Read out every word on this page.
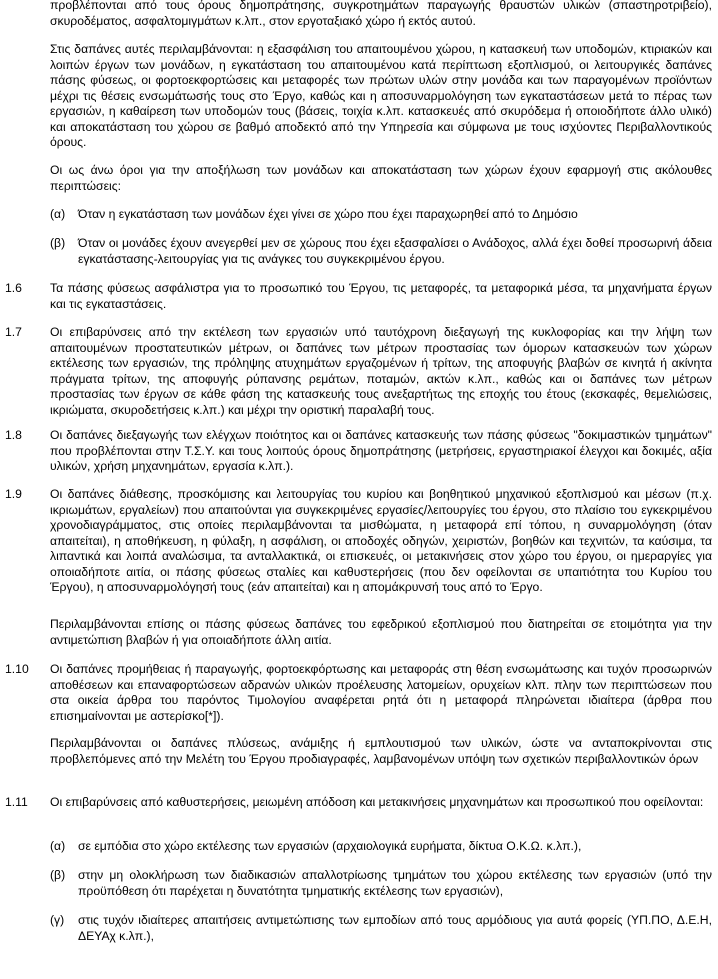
προβλέπονται από τους όρους δημοπράτησης, συγκροτημάτων παραγωγής θραυστών υλικών (σπαστηροτριβείο), σκυροδέματος, ασφαλτομιγμάτων κ.λπ., στον εργοταξιακό χώρο ή εκτός αυτού.

Στις δαπάνες αυτές περιλαμβάνονται: η εξασφάλιση του απαιτουμένου χώρου, η κατασκευή των υποδομών, κτιριακών και λοιπών έργων των μονάδων, η εγκατάσταση του απαιτουμένου κατά περίπτωση εξοπλισμού, οι λειτουργικές δαπάνες πάσης φύσεως, οι φορτοεκφορτώσεις και μεταφορές των πρώτων υλών στην μονάδα και των παραγομένων προϊόντων μέχρι τις θέσεις ενσωμάτωσής τους στο Έργο, καθώς και η αποσυναρμολόγηση των εγκαταστάσεων μετά το πέρας των εργασιών, η καθαίρεση των υποδομών τους (βάσεις, τοιχία κ.λπ. κατασκευές από σκυρόδεμα ή οποιοδήποτε άλλο υλικό) και αποκατάσταση του χώρου σε βαθμό αποδεκτό από την Υπηρεσία και σύμφωνα με τους ισχύοντες Περιβαλλοντικούς όρους.

Οι ως άνω όροι για την αποξήλωση των μονάδων και αποκατάσταση των χώρων έχουν εφαρμογή στις ακόλουθες περιπτώσεις:

(α) Όταν η εγκατάσταση των μονάδων έχει γίνει σε χώρο που έχει παραχωρηθεί από το Δημόσιο

(β) Όταν οι μονάδες έχουν ανεγερθεί μεν σε χώρους που έχει εξασφαλίσει ο Ανάδοχος, αλλά έχει δοθεί προσωρινή άδεια εγκατάστασης-λειτουργίας για τις ανάγκες του συγκεκριμένου έργου.

1.6 Τα πάσης φύσεως ασφάλιστρα για το προσωπικό του Έργου, τις μεταφορές, τα μεταφορικά μέσα, τα μηχανήματα έργων και τις εγκαταστάσεις.

1.7 Οι επιβαρύνσεις από την εκτέλεση των εργασιών υπό ταυτόχρονη διεξαγωγή της κυκλοφορίας και την λήψη των απαιτουμένων προστατευτικών μέτρων, οι δαπάνες των μέτρων προστασίας των όμορων κατασκευών των χώρων εκτέλεσης των εργασιών, της πρόληψης ατυχημάτων εργαζομένων ή τρίτων, της αποφυγής βλαβών σε κινητά ή ακίνητα πράγματα τρίτων, της αποφυγής ρύπανσης ρεμάτων, ποταμών, ακτών κ.λπ., καθώς και οι δαπάνες των μέτρων προστασίας των έργων σε κάθε φάση της κατασκευής τους ανεξαρτήτως της εποχής του έτους (εκσκαφές, θεμελιώσεις, ικριώματα, σκυροδετήσεις κ.λπ.) και μέχρι την οριστική παραλαβή τους.

1.8 Οι δαπάνες διεξαγωγής των ελέγχων ποιότητος και οι δαπάνες κατασκευής των πάσης φύσεως "δοκιμαστικών τμημάτων" που προβλέπονται στην Τ.Σ.Υ. και τους λοιπούς όρους δημοπράτησης (μετρήσεις, εργαστηριακοί έλεγχοι και δοκιμές, αξία υλικών, χρήση μηχανημάτων, εργασία κ.λπ.).

1.9 Οι δαπάνες διάθεσης, προσκόμισης και λειτουργίας του κυρίου και βοηθητικού μηχανικού εξοπλισμού και μέσων (π.χ. ικριωμάτων, εργαλείων) που απαιτούνται για συγκεκριμένες εργασίες/λειτουργίες του έργου, στο πλαίσιο του εγκεκριμένου χρονοδιαγράμματος, στις οποίες περιλαμβάνονται τα μισθώματα, η μεταφορά επί τόπου, η συναρμολόγηση (όταν απαιτείται), η αποθήκευση, η φύλαξη, η ασφάλιση, οι αποδοχές οδηγών, χειριστών, βοηθών και τεχνιτών, τα καύσιμα, τα λιπαντικά και λοιπά αναλώσιμα, τα ανταλλακτικά, οι επισκευές, οι μετακινήσεις στον χώρο του έργου, οι ημεραργίες για οποιαδήποτε αιτία, οι πάσης φύσεως σταλίες και καθυστερήσεις (που δεν οφείλονται σε υπαιτιότητα του Κυρίου του Έργου), η αποσυναρμολόγησή τους (εάν απαιτείται) και η απομάκρυνσή τους από το Έργο.

Περιλαμβάνονται επίσης οι πάσης φύσεως δαπάνες του εφεδρικού εξοπλισμού που διατηρείται σε ετοιμότητα για την αντιμετώπιση βλαβών ή για οποιαδήποτε άλλη αιτία.

1.10 Οι δαπάνες προμήθειας ή παραγωγής, φορτοεκφόρτωσης και μεταφοράς στη θέση ενσωμάτωσης και τυχόν προσωρινών αποθέσεων και επαναφορτώσεων αδρανών υλικών προέλευσης λατομείων, ορυχείων κλπ. πλην των περιπτώσεων που στα οικεία άρθρα του παρόντος Τιμολογίου αναφέρεται ρητά ότι η μεταφορά πληρώνεται ιδιαίτερα (άρθρα που επισημαίνονται με αστερίσκο[*]).

Περιλαμβάνονται οι δαπάνες πλύσεως, ανάμιξης ή εμπλουτισμού των υλικών, ώστε να ανταποκρίνονται στις προβλεπόμενες από την Μελέτη του Έργου προδιαγραφές, λαμβανομένων υπόψη των σχετικών περιβαλλοντικών όρων

1.11 Οι επιβαρύνσεις από καθυστερήσεις, μειωμένη απόδοση και μετακινήσεις μηχανημάτων και προσωπικού που οφείλονται:

(α) σε εμπόδια στο χώρο εκτέλεσης των εργασιών (αρχαιολογικά ευρήματα, δίκτυα Ο.Κ.Ω. κ.λπ.),

(β) στην μη ολοκλήρωση των διαδικασιών απαλλοτρίωσης τμημάτων του χώρου εκτέλεσης των εργασιών (υπό την προϋπόθεση ότι παρέχεται η δυνατότητα τμηματικής εκτέλεσης των εργασιών),

(γ) στις τυχόν ιδιαίτερες απαιτήσεις αντιμετώπισης των εμποδίων από τους αρμόδιους για αυτά φορείς (ΥΠ.ΠΟ, Δ.Ε.Η, ΔΕΥΑχ κ.λπ.),
